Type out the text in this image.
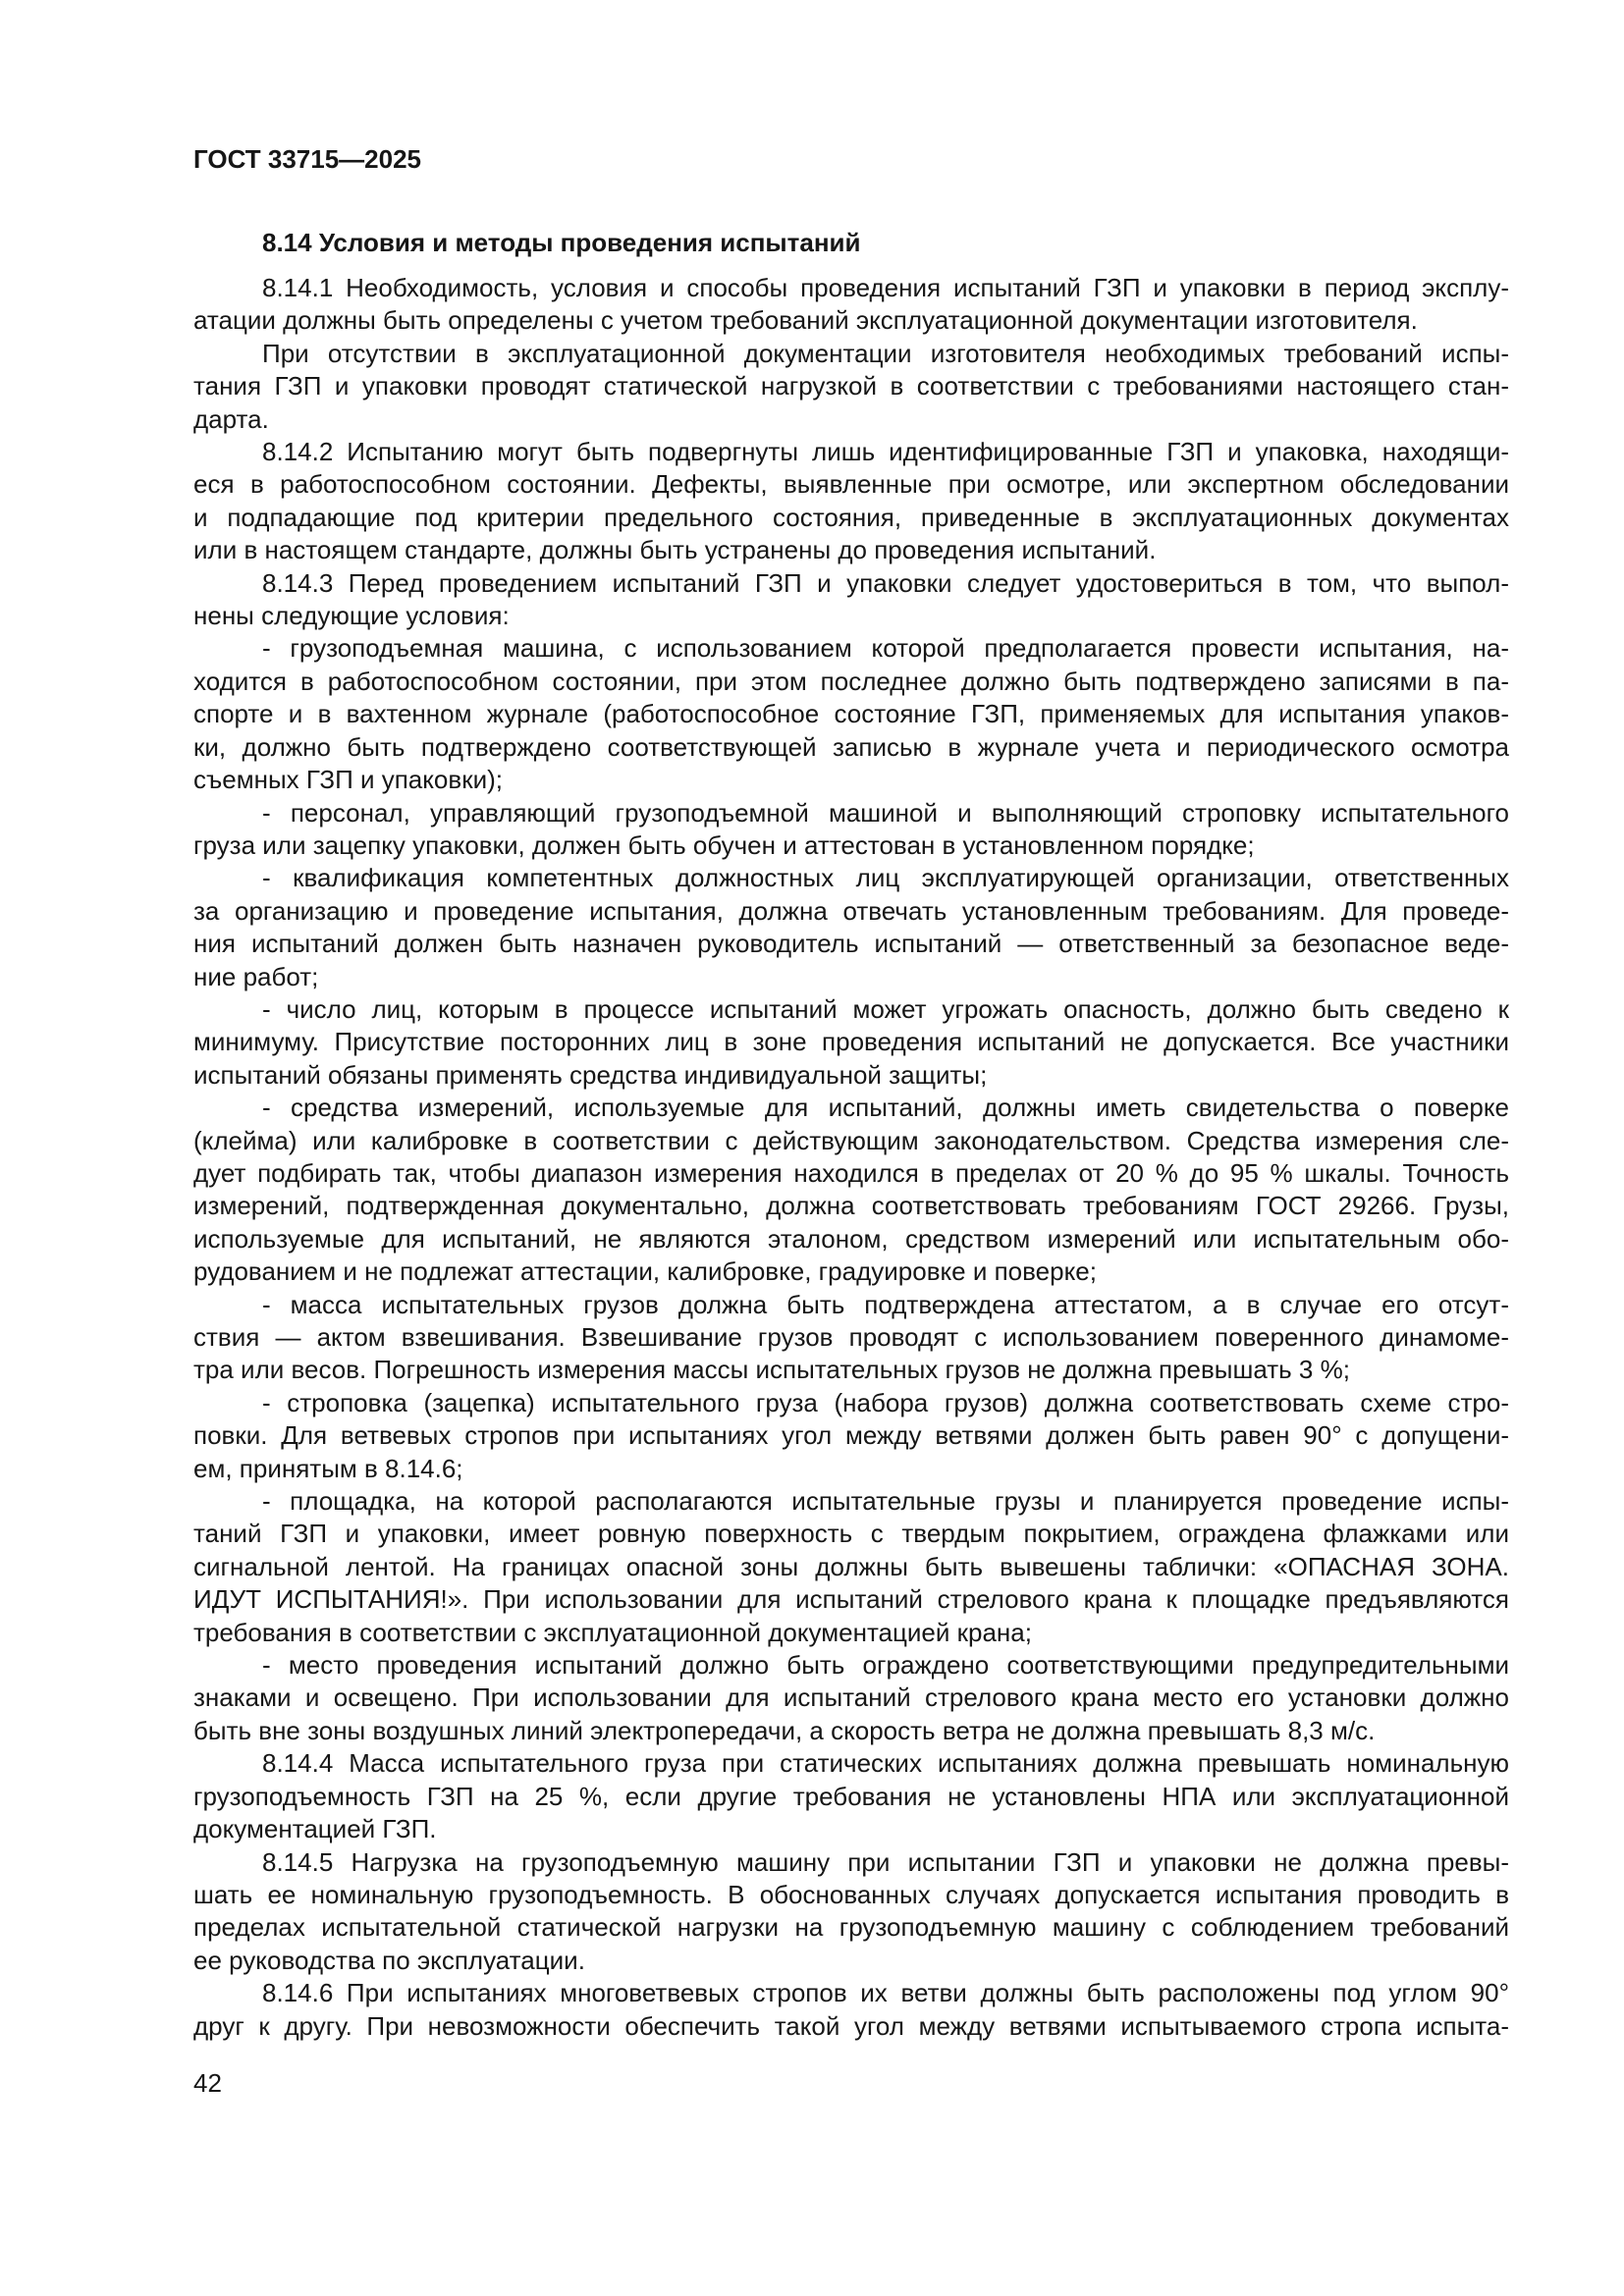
ГОСТ 33715—2025
8.14 Условия и методы проведения испытаний
8.14.1 Необходимость, условия и способы проведения испытаний ГЗП и упаковки в период эксплу-
атации должны быть определены с учетом требований эксплуатационной документации изготовителя.
При отсутствии в эксплуатационной документации изготовителя необходимых требований испы-
тания ГЗП и упаковки проводят статической нагрузкой в соответствии с требованиями настоящего стан-
дарта.
8.14.2 Испытанию могут быть подвергнуты лишь идентифицированные ГЗП и упаковка, находящи-
еся в работоспособном состоянии. Дефекты, выявленные при осмотре, или экспертном обследовании
и подпадающие под критерии предельного состояния, приведенные в эксплуатационных документах
или в настоящем стандарте, должны быть устранены до проведения испытаний.
8.14.3 Перед проведением испытаний ГЗП и упаковки следует удостовериться в том, что выпол-
нены следующие условия:
- грузоподъемная машина, с использованием которой предполагается провести испытания, на-
ходится в работоспособном состоянии, при этом последнее должно быть подтверждено записями в па-
спорте и в вахтенном журнале (работоспособное состояние ГЗП, применяемых для испытания упаков-
ки, должно быть подтверждено соответствующей записью в журнале учета и периодического осмотра
съемных ГЗП и упаковки);
- персонал, управляющий грузоподъемной машиной и выполняющий строповку испытательного
груза или зацепку упаковки, должен быть обучен и аттестован в установленном порядке;
- квалификация компетентных должностных лиц эксплуатирующей организации, ответственных
за организацию и проведение испытания, должна отвечать установленным требованиям. Для проведе-
ния испытаний должен быть назначен руководитель испытаний — ответственный за безопасное веде-
ние работ;
- число лиц, которым в процессе испытаний может угрожать опасность, должно быть сведено к
минимуму. Присутствие посторонних лиц в зоне проведения испытаний не допускается. Все участники
испытаний обязаны применять средства индивидуальной защиты;
- средства измерений, используемые для испытаний, должны иметь свидетельства о поверке
(клейма) или калибровке в соответствии с действующим законодательством. Средства измерения сле-
дует подбирать так, чтобы диапазон измерения находился в пределах от 20 % до 95 % шкалы. Точность
измерений, подтвержденная документально, должна соответствовать требованиям ГОСТ 29266. Грузы,
используемые для испытаний, не являются эталоном, средством измерений или испытательным обо-
рудованием и не подлежат аттестации, калибровке, градуировке и поверке;
- масса испытательных грузов должна быть подтверждена аттестатом, а в случае его отсут-
ствия — актом взвешивания. Взвешивание грузов проводят с использованием поверенного динамоме-
тра или весов. Погрешность измерения массы испытательных грузов не должна превышать 3 %;
- строповка (зацепка) испытательного груза (набора грузов) должна соответствовать схеме стро-
повки. Для ветвевых стропов при испытаниях угол между ветвями должен быть равен 90° с допущени-
ем, принятым в 8.14.6;
- площадка, на которой располагаются испытательные грузы и планируется проведение испы-
таний ГЗП и упаковки, имеет ровную поверхность с твердым покрытием, ограждена флажками или
сигнальной лентой. На границах опасной зоны должны быть вывешены таблички: «ОПАСНАЯ ЗОНА.
ИДУТ ИСПЫТАНИЯ!». При использовании для испытаний стрелового крана к площадке предъявляются
требования в соответствии с эксплуатационной документацией крана;
- место проведения испытаний должно быть ограждено соответствующими предупредительными
знаками и освещено. При использовании для испытаний стрелового крана место его установки должно
быть вне зоны воздушных линий электропередачи, а скорость ветра не должна превышать 8,3 м/с.
8.14.4 Масса испытательного груза при статических испытаниях должна превышать номинальную
грузоподъемность ГЗП на 25 %, если другие требования не установлены НПА или эксплуатационной
документацией ГЗП.
8.14.5 Нагрузка на грузоподъемную машину при испытании ГЗП и упаковки не должна превы-
шать ее номинальную грузоподъемность. В обоснованных случаях допускается испытания проводить в
пределах испытательной статической нагрузки на грузоподъемную машину с соблюдением требований
ее руководства по эксплуатации.
8.14.6 При испытаниях многоветвевых стропов их ветви должны быть расположены под углом 90°
друг к другу. При невозможности обеспечить такой угол между ветвями испытываемого стропа испыта-
42
